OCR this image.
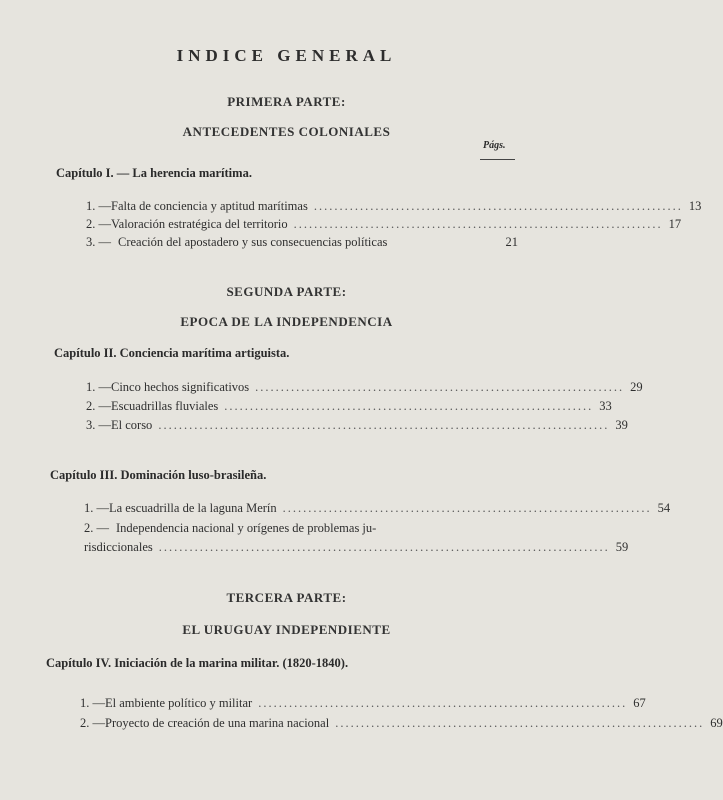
INDICE GENERAL
PRIMERA PARTE:
ANTECEDENTES COLONIALES
Págs.
Capítulo I. — La herencia marítima.
1. — Falta de conciencia y aptitud marítimas ........................................................................ 13
2. — Valoración estratégica del territorio ........................................................................ 17
3. — Creación del apostadero y sus consecuencias políticas	21
SEGUNDA PARTE:
EPOCA DE LA INDEPENDENCIA
Capítulo II. Conciencia marítima artiguista.
1. — Cinco hechos significativos ........................................................................ 29
2. — Escuadrillas fluviales ........................................................................ 33
3. — El corso ........................................................................................ 39
Capítulo III. Dominación luso-brasileña.
1. — La escuadrilla de la laguna Merín ........................................................................ 54
2. — Independencia nacional y orígenes de problemas ju-
risdiccionales ........................................................................................ 59
TERCERA PARTE:
EL URUGUAY INDEPENDIENTE
Capítulo IV. Iniciación de la marina militar. (1820-1840).
1. — El ambiente político y militar ........................................................................ 67
2. — Proyecto de creación de una marina nacional ........................................................................ 69
